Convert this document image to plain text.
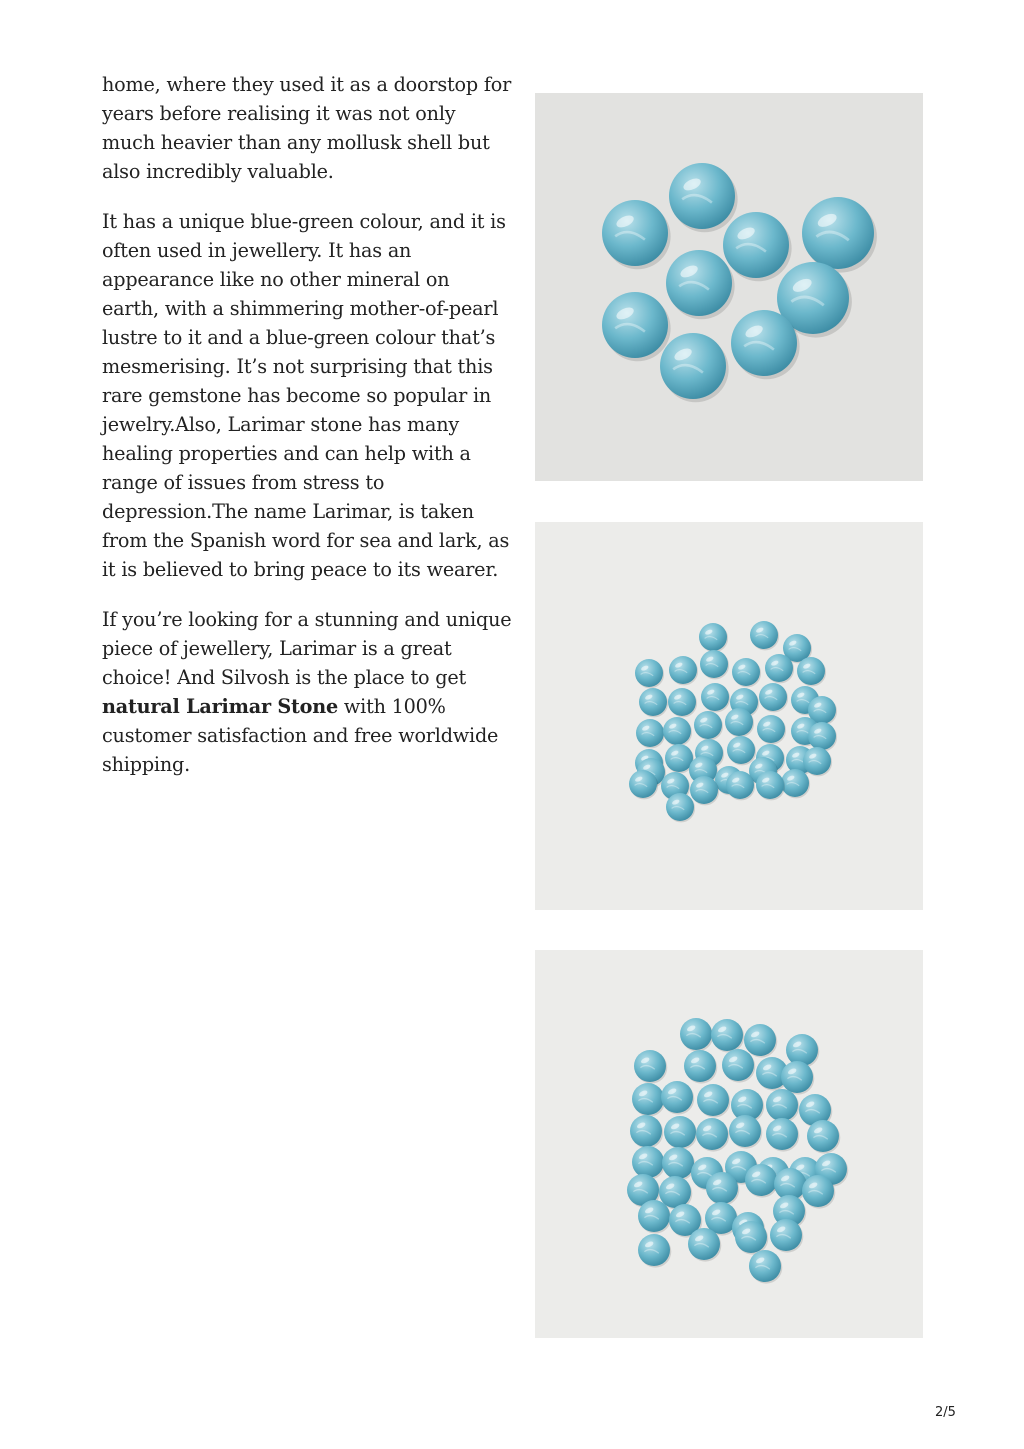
home, where they used it as a doorstop for years before realising it was not only much heavier than any mollusk shell but also incredibly valuable.

It has a unique blue-green colour, and it is often used in jewellery. It has an appearance like no other mineral on earth, with a shimmering mother-of-pearl lustre to it and a blue-green colour that’s mesmerising. It’s not surprising that this rare gemstone has become so popular in jewelry.Also, Larimar stone has many healing properties and can help with a range of issues from stress to depression.The name Larimar, is taken from the Spanish word for sea and lark, as it is believed to bring peace to its wearer.

If you’re looking for a stunning and unique piece of jewellery, Larimar is a great choice! And Silvosh is the place to get natural Larimar Stone with 100% customer satisfaction and free worldwide shipping.

2/5
